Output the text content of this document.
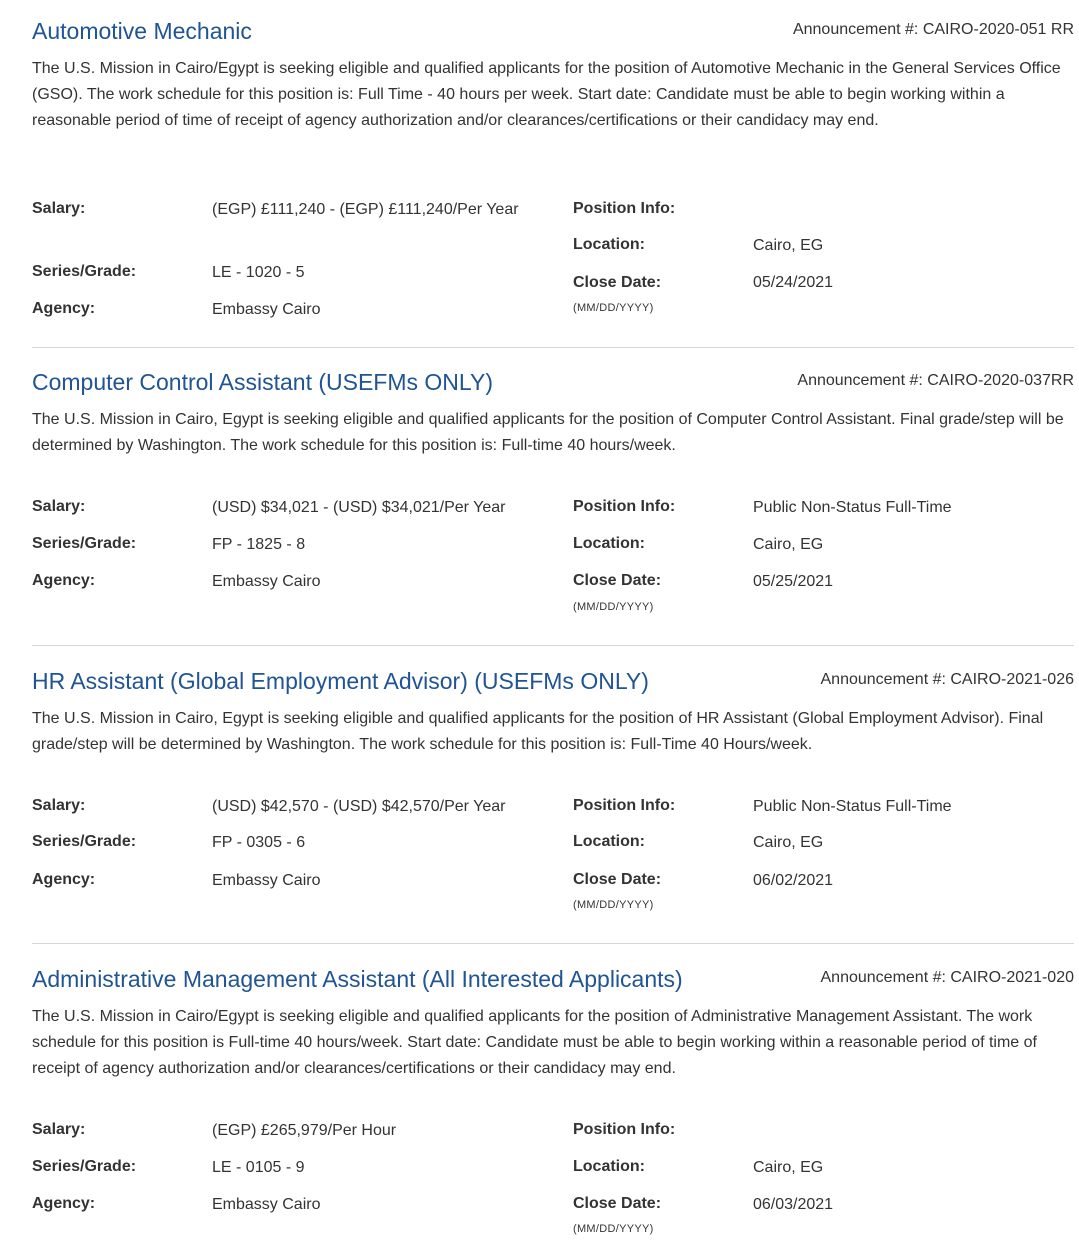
Automotive Mechanic	Announcement #: CAIRO-2020-051 RR

The U.S. Mission in Cairo/Egypt is seeking eligible and qualified applicants for the position of Automotive Mechanic in the General Services Office (GSO). The work schedule for this position is: Full Time - 40 hours per week. Start date: Candidate must be able to begin working within a reasonable period of time of receipt of agency authorization and/or clearances/certifications or their candidacy may end.

Salary:	(EGP) £111,240 - (EGP) £111,240/Per Year
Series/Grade:	LE - 1020 - 5
Agency:	Embassy Cairo
Position Info:
Location:	Cairo, EG
Close Date:	05/24/2021
(MM/DD/YYYY)
Computer Control Assistant (USEFMs ONLY)	Announcement #: CAIRO-2020-037RR

The U.S. Mission in Cairo, Egypt is seeking eligible and qualified applicants for the position of Computer Control Assistant. Final grade/step will be determined by Washington. The work schedule for this position is: Full-time 40 hours/week.

Salary:	(USD) $34,021 - (USD) $34,021/Per Year
Series/Grade:	FP - 1825 - 8
Agency:	Embassy Cairo
Position Info:	Public Non-Status Full-Time
Location:	Cairo, EG
Close Date:	05/25/2021
(MM/DD/YYYY)
HR Assistant (Global Employment Advisor) (USEFMs ONLY)	Announcement #: CAIRO-2021-026

The U.S. Mission in Cairo, Egypt is seeking eligible and qualified applicants for the position of HR Assistant (Global Employment Advisor). Final grade/step will be determined by Washington. The work schedule for this position is: Full-Time 40 Hours/week.

Salary:	(USD) $42,570 - (USD) $42,570/Per Year
Series/Grade:	FP - 0305 - 6
Agency:	Embassy Cairo
Position Info:	Public Non-Status Full-Time
Location:	Cairo, EG
Close Date:	06/02/2021
(MM/DD/YYYY)
Administrative Management Assistant (All Interested Applicants)	Announcement #: CAIRO-2021-020

The U.S. Mission in Cairo/Egypt is seeking eligible and qualified applicants for the position of Administrative Management Assistant. The work schedule for this position is Full-time 40 hours/week. Start date: Candidate must be able to begin working within a reasonable period of time of receipt of agency authorization and/or clearances/certifications or their candidacy may end.

Salary:	(EGP) £265,979/Per Hour
Series/Grade:	LE - 0105 - 9
Agency:	Embassy Cairo
Position Info:
Location:	Cairo, EG
Close Date:	06/03/2021
(MM/DD/YYYY)
